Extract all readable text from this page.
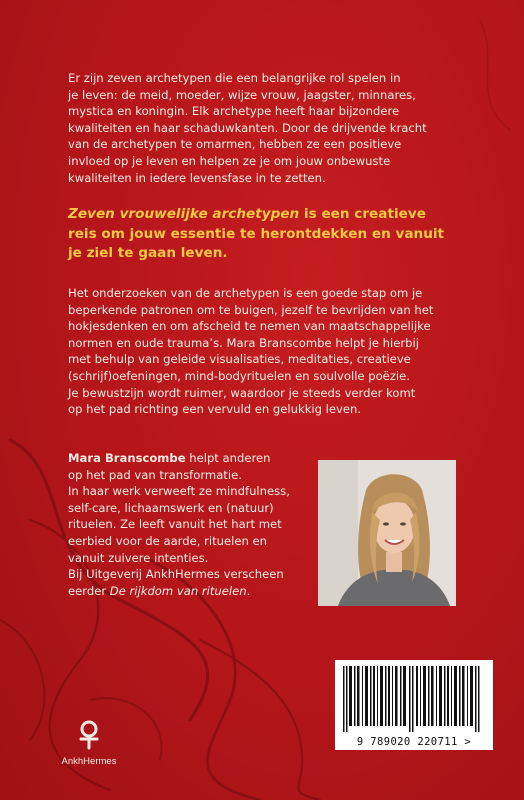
Er zijn zeven archetypen die een belangrijke rol spelen in
je leven: de meid, moeder, wijze vrouw, jaagster, minnares,
mystica en koningin. Elk archetype heeft haar bijzondere
kwaliteiten en haar schaduwkanten. Door de drijvende kracht
van de archetypen te omarmen, hebben ze een positieve
invloed op je leven en helpen ze je om jouw onbewuste
kwaliteiten in iedere levensfase in te zetten.
Zeven vrouwelijke archetypen is een creatieve
reis om jouw essentie te herontdekken en vanuit
je ziel te gaan leven.
Het onderzoeken van de archetypen is een goede stap om je
beperkende patronen om te buigen, jezelf te bevrijden van het
hokjesdenken en om afscheid te nemen van maatschappelijke
normen en oude trauma’s. Mara Branscombe helpt je hierbij
met behulp van geleide visualisaties, meditaties, creatieve
(schrijf)oefeningen, mind-bodyrituelen en soulvolle poëzie.
Je bewustzijn wordt ruimer, waardoor je steeds verder komt
op het pad richting een vervuld en gelukkig leven.
Mara Branscombe helpt anderen
op het pad van transformatie.
In haar werk verweeft ze mindfulness,
self-care, lichaamswerk en (natuur)
rituelen. Ze leeft vanuit het hart met
eerbied voor de aarde, rituelen en
vanuit zuivere intenties.
Bij Uitgeverij AnkhHermes verscheen
eerder De rijkdom van rituelen.
AnkhHermes
9 789020 220711 >
